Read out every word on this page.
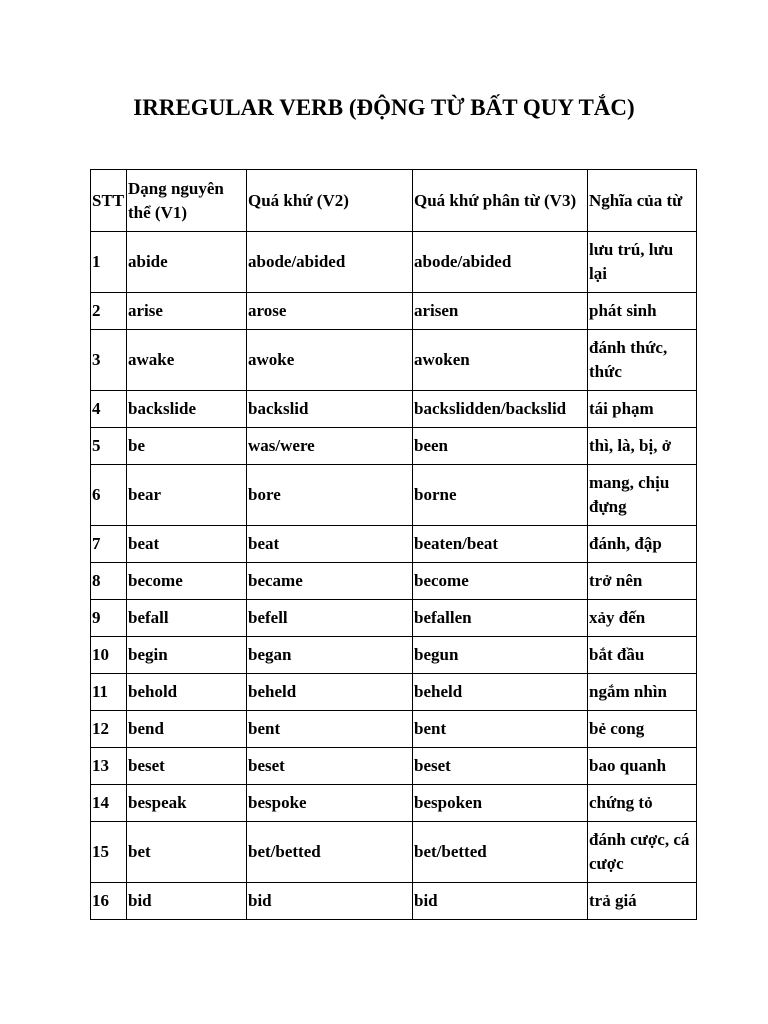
IRREGULAR VERB (ĐỘNG TỪ BẤT QUY TẮC)
STT	Dạng nguyên thể (V1)	Quá khứ (V2)	Quá khứ phân từ (V3)	Nghĩa của từ
1	abide	abode/abided	abode/abided	lưu trú, lưu lại
2	arise	arose	arisen	phát sinh
3	awake	awoke	awoken	đánh thức, thức
4	backslide	backslid	backslidden/backslid	tái phạm
5	be	was/were	been	thì, là, bị, ở
6	bear	bore	borne	mang, chịu đựng
7	beat	beat	beaten/beat	đánh, đập
8	become	became	become	trở nên
9	befall	befell	befallen	xảy đến
10	begin	began	begun	bắt đầu
11	behold	beheld	beheld	ngắm nhìn
12	bend	bent	bent	bẻ cong
13	beset	beset	beset	bao quanh
14	bespeak	bespoke	bespoken	chứng tỏ
15	bet	bet/betted	bet/betted	đánh cược, cá cược
16	bid	bid	bid	trả giá
